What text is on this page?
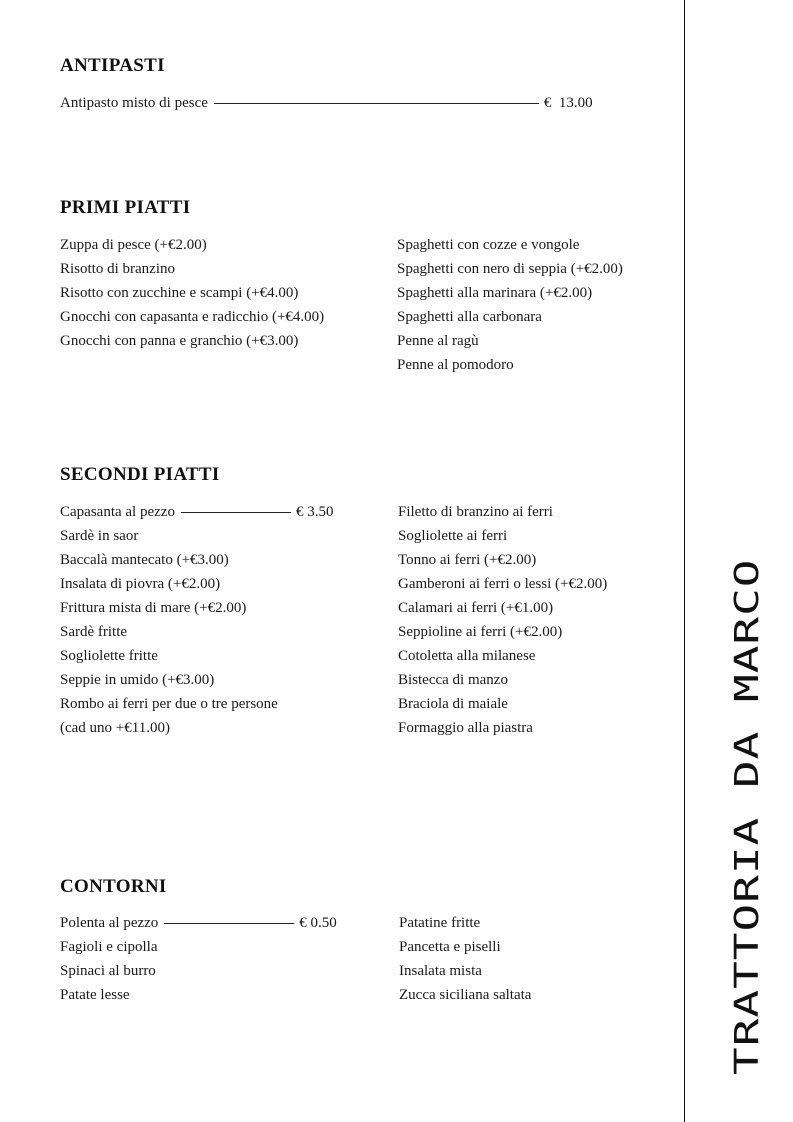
ANTIPASTI
Antipasto misto di pesce	€  13.00
PRIMI PIATTI
Zuppa di pesce (+€2.00)
Risotto di branzino
Risotto con zucchine e scampi (+€4.00)
Gnocchi con capasanta e radicchio (+€4.00)
Gnocchi con panna e granchio (+€3.00)
Spaghetti con cozze e vongole
Spaghetti con nero di seppia (+€2.00)
Spaghetti alla marinara (+€2.00)
Spaghetti alla carbonara
Penne al ragù
Penne al pomodoro
SECONDI PIATTI
Capasanta al pezzo	€ 3.50
Sardè in saor
Baccalà mantecato (+€3.00)
Insalata di piovra (+€2.00)
Frittura mista di mare (+€2.00)
Sardè fritte
Sogliolette fritte
Seppie in umido (+€3.00)
Rombo ai ferri per due o tre persone
(cad uno +€11.00)
Filetto di branzino ai ferri
Sogliolette ai ferri
Tonno ai ferri (+€2.00)
Gamberoni ai ferri o lessi (+€2.00)
Calamari ai ferri (+€1.00)
Seppioline ai ferri (+€2.00)
Cotoletta alla milanese
Bistecca di manzo
Braciola di maiale
Formaggio alla piastra
CONTORNI
Polenta al pezzo	€ 0.50
Fagioli e cipolla
Spinaci al burro
Patate lesse
Patatine fritte
Pancetta e piselli
Insalata mista
Zucca siciliana saltata	TRATTORIA DA MARCO
